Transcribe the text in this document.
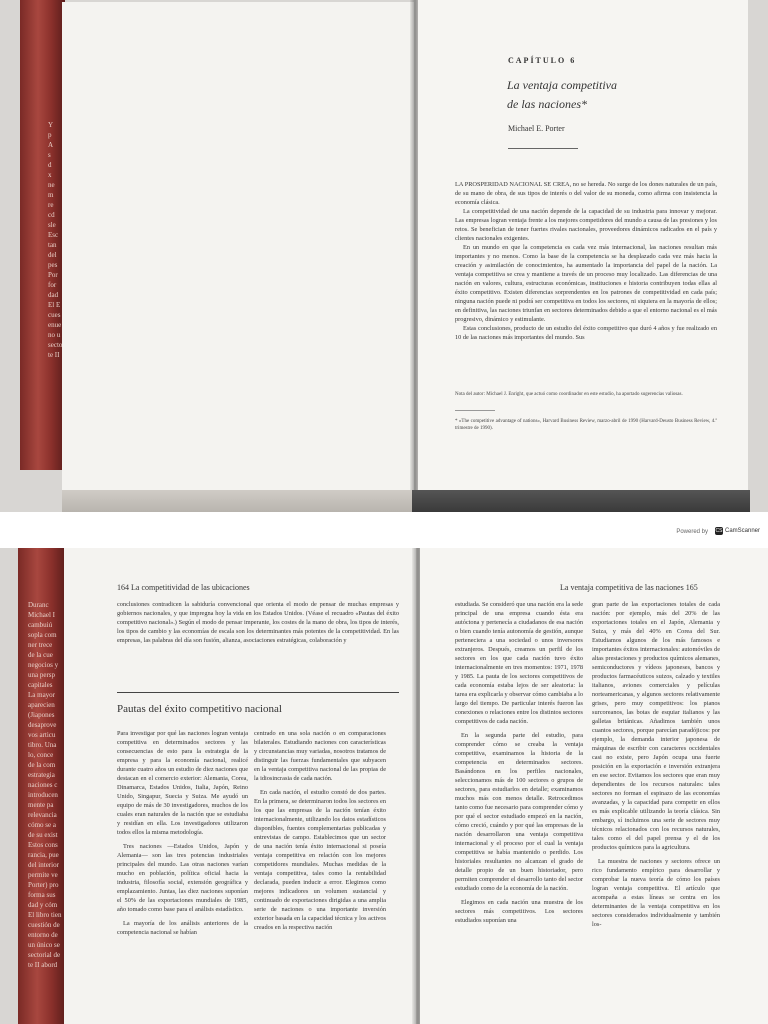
Y
p
A
s
d
x
ne
m
re
cd
sle
Esc
tan
del
pes
Por
for
dad
El E
cues
enue
no u
secto
te II
CAPÍTULO 6
La ventaja competitiva
de las naciones*
Michael E. Porter

LA PROSPERIDAD NACIONAL SE CREA, no se hereda. No surge de los dones naturales de un país, de su mano de obra, de sus tipos de interés o del valor de su moneda, como afirma con insistencia la economía clásica.

La competitividad de una nación depende de la capacidad de su industria para innovar y mejorar. Las empresas logran ventaja frente a los mejores competidores del mundo a causa de las presiones y los retos. Se benefician de tener fuertes rivales nacionales, proveedores dinámicos radicados en el país y clientes nacionales exigentes.

En un mundo en que la competencia es cada vez más internacional, las naciones resultan más importantes y no menos. Como la base de la competencia se ha desplazado cada vez más hacia la creación y asimilación de conocimientos, ha aumentado la importancia del papel de la nación. La ventaja competitiva se crea y mantiene a través de un proceso muy localizado. Las diferencias de una nación en valores, cultura, estructuras económicas, instituciones e historia contribuyen todas ellas al éxito competitivo. Existen diferencias sorprendentes en los patrones de competitividad en cada país; ninguna nación puede ni podrá ser competitiva en todos los sectores, ni siquiera en la mayoría de ellos; en definitiva, las naciones triunfan en sectores determinados debido a que el entorno nacional es el más progresivo, dinámico y estimulante.

Estas conclusiones, producto de un estudio del éxito competitivo que duró 4 años y fue realizado en 10 de las naciones más importantes del mundo. Sus

Nota del autor: Michael J. Enright, que actuó como coordinador en este estudio, ha aportado sugerencias valiosas.
* «The competitive advantage of nations», Harvard Business Review, marzo-abril de 1990 (Harvard-Deusto Business Review, 4.º trimestre de 1990).
Powered by CS CamScanner
Duranc
Michael I
cambuiú
sopla com
ner trece
de la cue
negocios y
una persp
capitales
La mayor
aparecien
(Jiapones
desaprove
vos articu
tibro. Una
lo, conce
de la com
estrategia
naciones c
introducen
mente pa
relevancia
cómo se a
de su exist
Estos cons
rancia, pue
del interior
permite ve
Porter) pro
forma sus
dad y cóm
El libro tien
cuestión de
entorno de
un único se
sectorial de
te II abord
164 La competitividad de las ubicaciones

conclusiones contradicen la sabiduría convencional que orienta el modo de pensar de muchas empresas y gobiernos nacionales, y que impregna hoy la vida en los Estados Unidos. (Véase el recuadro «Pautas del éxito competitivo nacional».) Según el modo de pensar imperante, los costes de la mano de obra, los tipos de interés, los tipos de cambio y las economías de escala son los determinantes más potentes de la competitividad. En las empresas, las palabras del día son fusión, alianza, asociaciones estratégicas, colaboración y

Pautas del éxito competitivo nacional

Para investigar por qué las naciones logran ventaja competitiva en determinados sectores y las consecuencias de esto para la estrategia de la empresa y para la economía nacional, realicé durante cuatro años un estudio de diez naciones que destacan en el comercio exterior: Alemania, Corea, Dinamarca, Estados Unidos, Italia, Japón, Reino Unido, Singapur, Suecia y Suiza. Me ayudó un equipo de más de 30 investigadores, muchos de los cuales eran naturales de la nación que se estudiaba y residían en ella. Los investigadores utilizaron todos ellos la misma metodología.

Tres naciones —Estados Unidos, Japón y Alemania— son las tres potencias industriales principales del mundo. Las otras naciones varían mucho en población, política oficial hacia la industria, filosofía social, extensión geográfica y emplazamiento. Juntas, las diez naciones suponían el 50% de las exportaciones mundiales de 1985, año tomado como base para el análisis estadístico.

La mayoría de los análisis anteriores de la competencia nacional se habían

centrado en una sola nación o en comparaciones bilaterales. Estudiando naciones con características y circunstancias muy variadas, nosotros tratamos de distinguir las fuerzas fundamentales que subyacen en la ventaja competitiva nacional de las propias de la idiosincrasia de cada nación.

En cada nación, el estudio constó de dos partes. En la primera, se determinaron todos los sectores en los que las empresas de la nación tenían éxito internacionalmente, utilizando los datos estadísticos disponibles, fuentes complementarias publicadas y entrevistas de campo. Establecimos que un sector de una nación tenía éxito internacional si poseía ventaja competitiva en relación con los mejores competidores mundiales. Muchas medidas de la ventaja competitiva, tales como la rentabilidad declarada, pueden inducir a error. Elegimos como mejores indicadores un volumen sustancial y continuado de exportaciones dirigidas a una amplia serie de naciones o una importante inversión exterior basada en la capacidad técnica y los activos creados en la respectiva nación

La ventaja competitiva de las naciones 165

estudiada. Se consideró que una nación era la sede principal de una empresa cuando ésta era autóctona y pertenecía a ciudadanos de esa nación o bien cuando tenía autonomía de gestión, aunque perteneciera a una sociedad o unos inversores extranjeros. Después, creamos un perfil de los sectores en los que cada nación tuvo éxito internacionalmente en tres momentos: 1971, 1978 y 1985. La pauta de los sectores competitivos de cada economía estaba lejos de ser aleatoria: la tarea era explicarla y observar cómo cambiaba a lo largo del tiempo. De particular interés fueron las conexiones o relaciones entre los distintos sectores competitivos de cada nación.

En la segunda parte del estudio, para comprender cómo se creaba la ventaja competitiva, examinamos la historia de la competencia en determinados sectores. Basándonos en los perfiles nacionales, seleccionamos más de 100 sectores o grupos de sectores, para estudiarlos en detalle; examinamos muchos más con menos detalle. Retrocedimos tanto como fue necesario para comprender cómo y por qué el sector estudiado empezó en la nación, cómo creció, cuándo y por qué las empresas de la nación desarrollaron una ventaja competitiva internacional y el proceso por el cual la ventaja competitiva se había mantenido o perdido. Los historiales resultantes no alcanzan el grado de detalle propio de un buen historiador, pero permiten comprender el desarrollo tanto del sector estudiado como de la economía de la nación.

Elegimos en cada nación una muestra de los sectores más competitivos. Los sectores estudiados suponían una

gran parte de las exportaciones totales de cada nación: por ejemplo, más del 20% de las exportaciones totales en el Japón, Alemania y Suiza, y más del 40% en Corea del Sur. Estudiamos algunos de los más famosos e importantes éxitos internacionales: automóviles de altas prestaciones y productos químicos alemanes, semiconductores y vídeos japoneses, bancos y productos farmacéuticos suizos, calzado y textiles italianos, aviones comerciales y películas norteamericanas, y algunos sectores relativamente grises, pero muy competitivos: los pianos surcoreanos, las botas de esquiar italianos y las galletas británicas. Añadimos también unos cuantos sectores, porque parecían paradójicos: por ejemplo, la demanda interior japonesa de máquinas de escribir con caracteres occidentales casi no existe, pero Japón ocupa una fuerte posición en la exportación e inversión extranjera en ese sector. Evitamos los sectores que eran muy dependientes de los recursos naturales: tales sectores no forman el espinazo de las economías avanzadas, y la capacidad para competir en ellos es más explicable utilizando la teoría clásica. Sin embargo, sí incluimos una serie de sectores muy técnicos relacionados con los recursos naturales, tales como el del papel prensa y el de los productos químicos para la agricultura.

La muestra de naciones y sectores ofrece un rico fundamento empírico para desarrollar y comprobar la nueva teoría de cómo los países logran ventaja competitiva. El artículo que acompaña a estas líneas se centra en los determinantes de la ventaja competitiva en los sectores considerados individualmente y también los-
